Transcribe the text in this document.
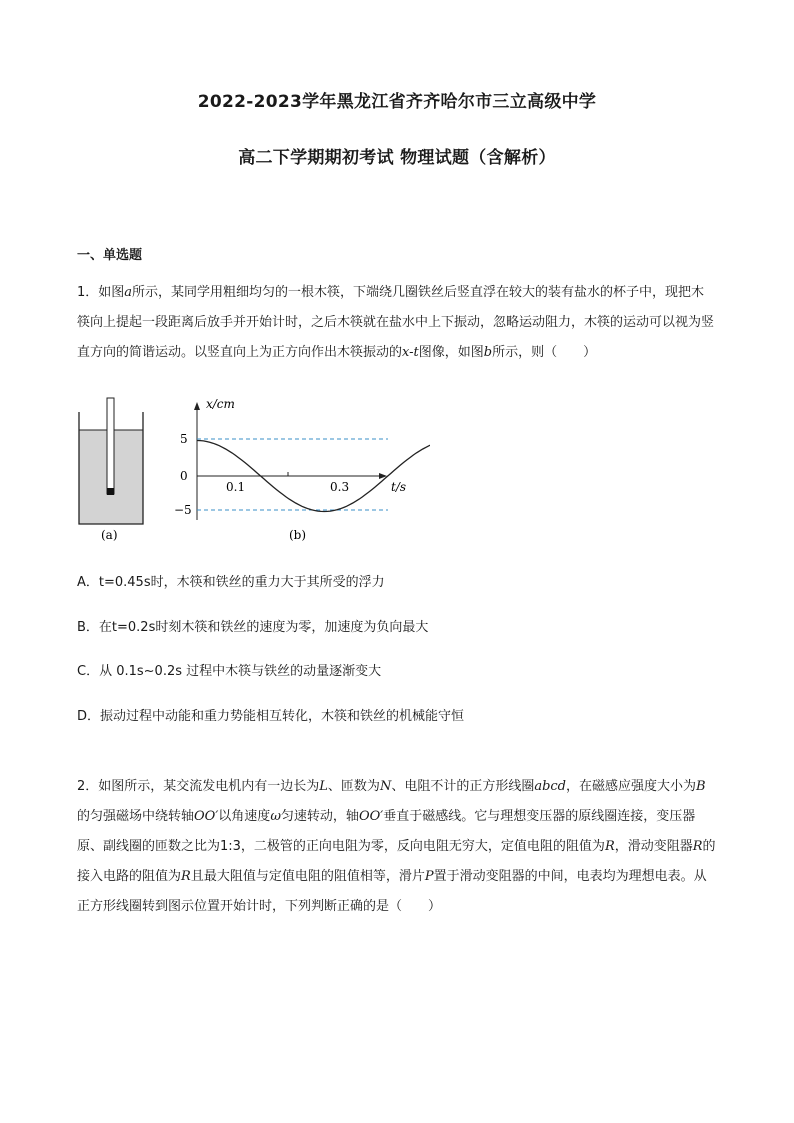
2022-2023学年黑龙江省齐齐哈尔市三立高级中学
高二下学期期初考试 物理试题（含解析）
一、单选题
1．如图a所示，某同学用粗细均匀的一根木筷，下端绕几圈铁丝后竖直浮在较大的装有盐水的杯子中，现把木筷向上提起一段距离后放手并开始计时，之后木筷就在盐水中上下振动，忽略运动阻力，木筷的运动可以视为竖直方向的简谐运动。以竖直向上为正方向作出木筷振动的x-t图像，如图b所示，则（　　）
(a)
x/cm
5
0
−5
0.1	0.3	t/s
(b)
A．t=0.45s时，木筷和铁丝的重力大于其所受的浮力
B．在t=0.2s时刻木筷和铁丝的速度为零，加速度为负向最大
C．从 0.1s~0.2s 过程中木筷与铁丝的动量逐渐变大
D．振动过程中动能和重力势能相互转化，木筷和铁丝的机械能守恒
2．如图所示，某交流发电机内有一边长为L、匝数为N、电阻不计的正方形线圈abcd，在磁感应强度大小为B的匀强磁场中绕转轴OO′以角速度ω匀速转动，轴OO′垂直于磁感线。它与理想变压器的原线圈连接，变压器原、副线圈的匝数之比为1:3，二极管的正向电阻为零，反向电阻无穷大，定值电阻的阻值为R，滑动变阻器R的接入电路的阻值为R且最大阻值与定值电阻的阻值相等，滑片P置于滑动变阻器的中间，电表均为理想电表。从正方形线圈转到图示位置开始计时，下列判断正确的是（　　）
